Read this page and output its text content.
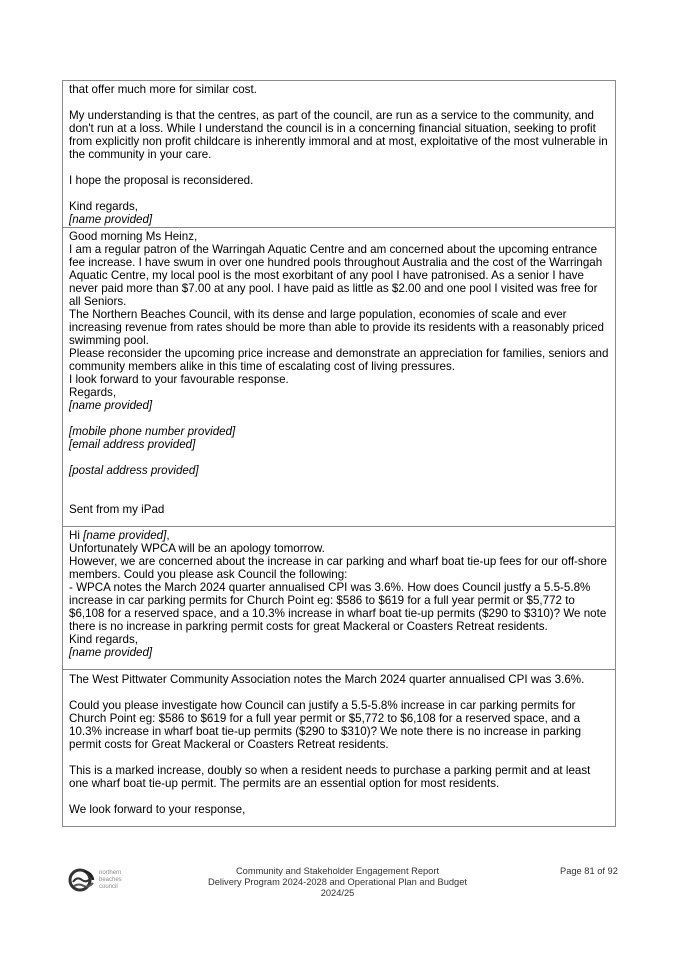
that offer much more for similar cost.

My understanding is that the centres, as part of the council, are run as a service to the community, and don't run at a loss. While I understand the council is in a concerning financial situation, seeking to profit from explicitly non profit childcare is inherently immoral and at most, exploitative of the most vulnerable in the community in your care.

I hope the proposal is reconsidered.

Kind regards,

[name provided]

Good morning Ms Heinz,

I am a regular patron of the Warringah Aquatic Centre and am concerned about the upcoming entrance fee increase. I have swum in over one hundred pools throughout Australia and the cost of the Warringah Aquatic Centre, my local pool is the most exorbitant of any pool I have patronised. As a senior I have never paid more than $7.00 at any pool. I have paid as little as $2.00 and one pool I visited was free for all Seniors.

The Northern Beaches Council, with its dense and large population, economies of scale and ever increasing revenue from rates should be more than able to provide its residents with a reasonably priced swimming pool.

Please reconsider the upcoming price increase and demonstrate an appreciation for families, seniors and community members alike in this time of escalating cost of living pressures.

I look forward to your favourable response.

Regards,

[name provided]

[mobile phone number provided]

[email address provided]

[postal address provided]

Sent from my iPad

Hi [name provided],

Unfortunately WPCA will be an apology tomorrow.

However, we are concerned about the increase in car parking and wharf boat tie-up fees for our off-shore members. Could you please ask Council the following:

- WPCA notes the March 2024 quarter annualised CPI was 3.6%. How does Council justfy a 5.5-5.8% increase in car parking permits for Church Point eg: $586 to $619 for a full year permit or $5,772 to $6,108 for a reserved space, and a 10.3% increase in wharf boat tie-up permits ($290 to $310)? We note there is no increase in parkring permit costs for great Mackeral or Coasters Retreat residents.

Kind regards,

[name provided]

The West Pittwater Community Association notes the March 2024 quarter annualised CPI was 3.6%.

Could you please investigate how Council can justify a 5.5-5.8% increase in car parking permits for Church Point eg: $586 to $619 for a full year permit or $5,772 to $6,108 for a reserved space, and a 10.3% increase in wharf boat tie-up permits ($290 to $310)? We note there is no increase in parking permit costs for Great Mackeral or Coasters Retreat residents.

This is a marked increase, doubly so when a resident needs to purchase a parking permit and at least one wharf boat tie-up permit. The permits are an essential option for most residents.

We look forward to your response,

northern
beaches
council
Community and Stakeholder Engagement Report
Delivery Program 2024-2028 and Operational Plan and Budget 2024/25
Page 81 of 92
